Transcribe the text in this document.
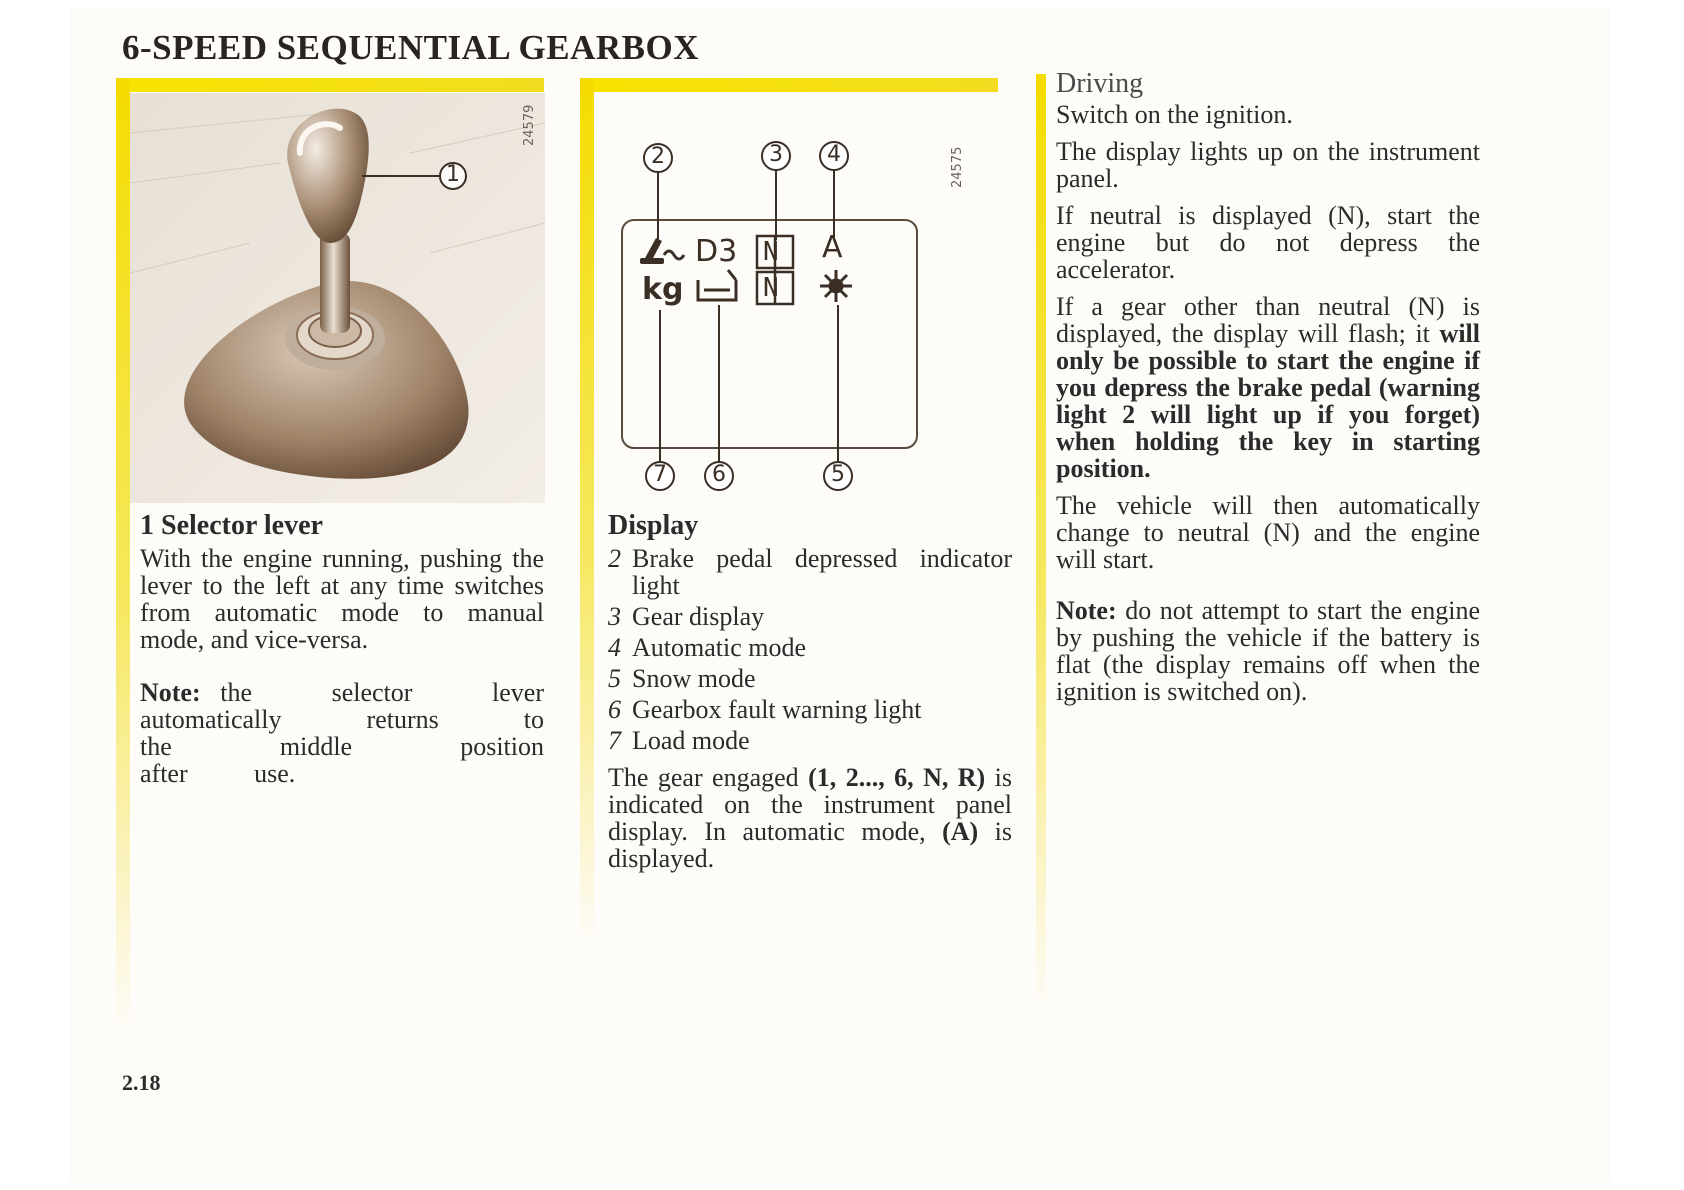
6-SPEED SEQUENTIAL GEARBOX
1
24579
1 Selector lever
With the engine running, pushing the lever to the left at any time switches from automatic mode to manual mode, and vice-versa.
Note: the selector lever automatically returns to the middle position after use.
2	3 4
7 6	5
D3	A
kg
N
N
24575
Display
2 Brake pedal depressed indicator light
3 Gear display
4 Automatic mode
5 Snow mode
6 Gearbox fault warning light
7 Load mode
The gear engaged (1, 2..., 6, N, R) is indicated on the instrument panel display. In automatic mode, (A) is displayed.
Driving
Switch on the ignition.
The display lights up on the instrument panel.
If neutral is displayed (N), start the engine but do not depress the accelerator.
If a gear other than neutral (N) is displayed, the display will flash; it will only be possible to start the engine if you depress the brake pedal (warning light 2 will light up if you forget) when holding the key in starting position.
The vehicle will then automatically change to neutral (N) and the engine will start.
Note: do not attempt to start the engine by pushing the vehicle if the battery is flat (the display remains off when the ignition is switched on).
2.18
